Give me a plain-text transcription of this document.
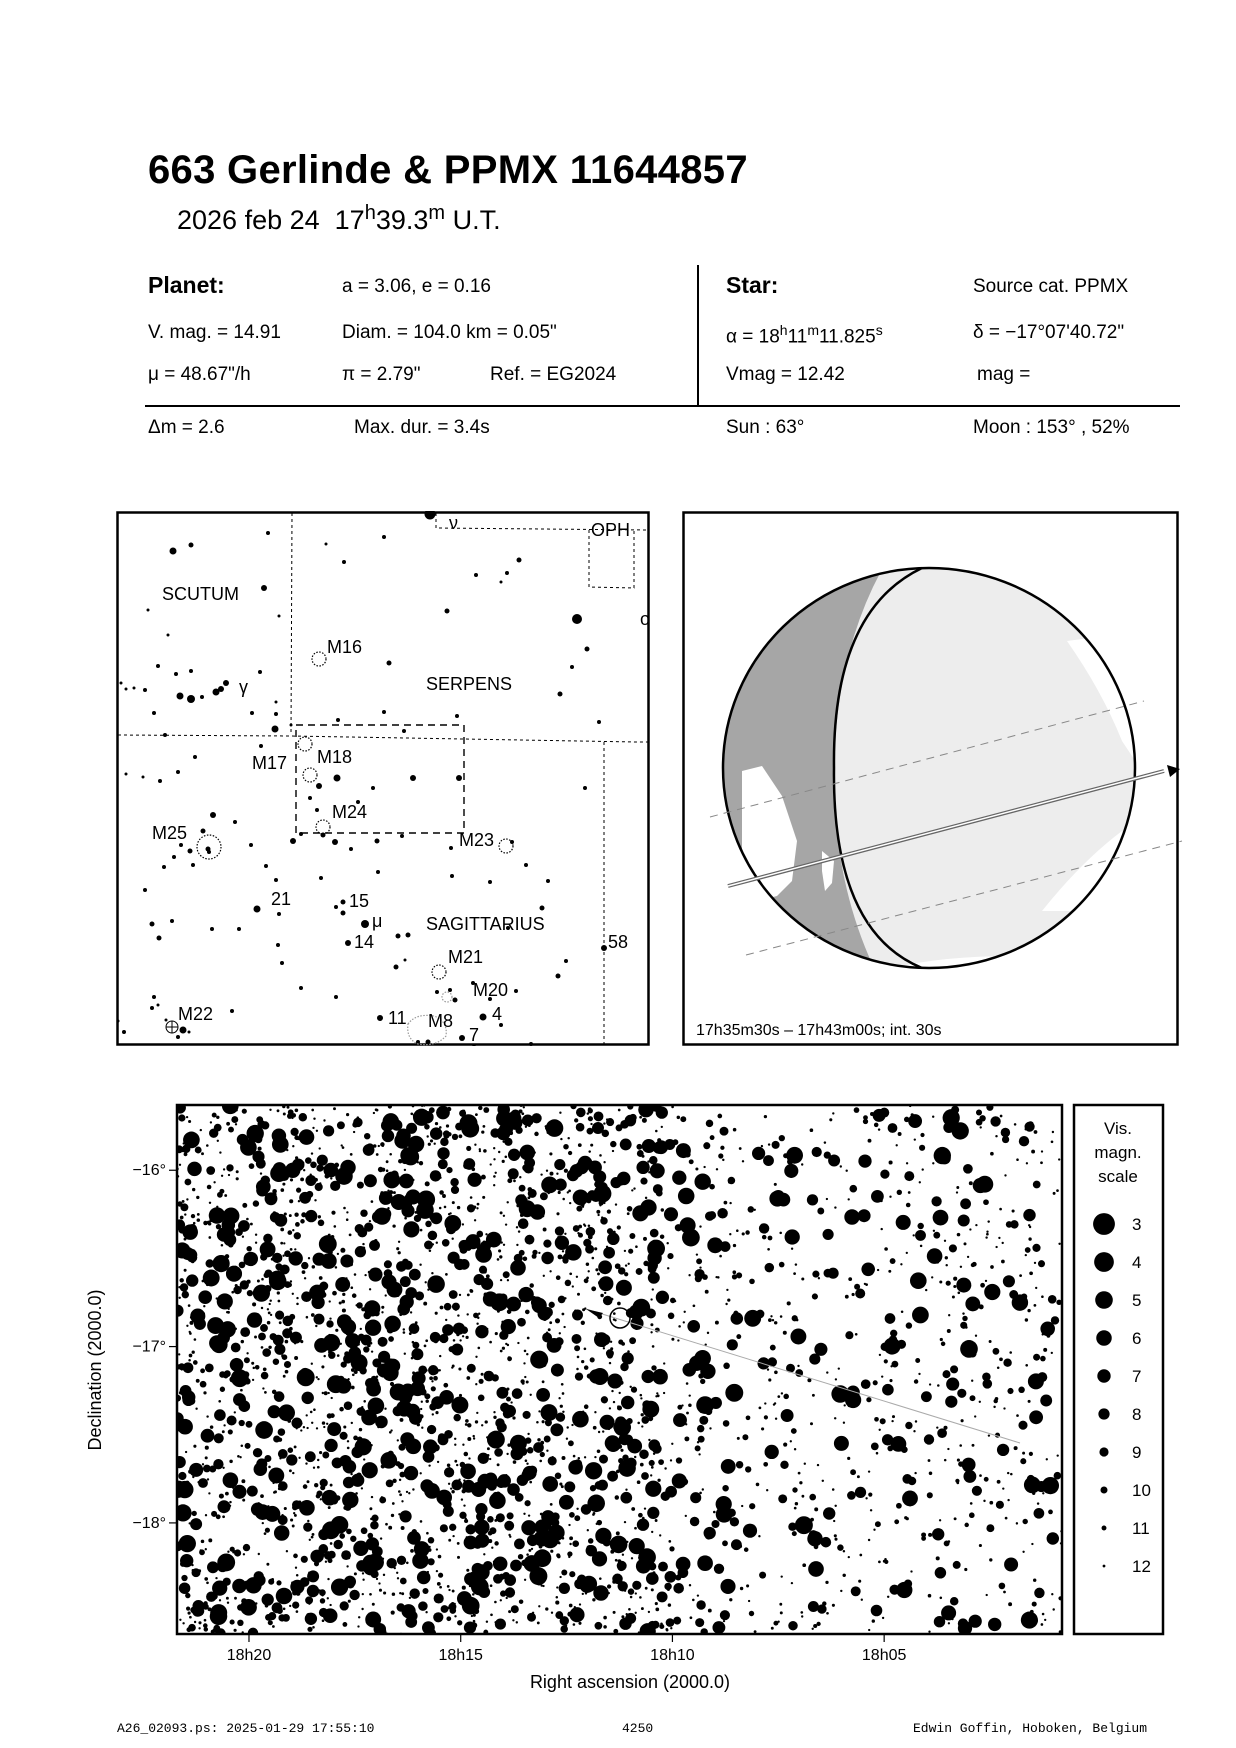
663 Gerlinde & PPMX 11644857
2026 feb 24 17$^h$39.3$^m$ U.T.
Planet:	a = 3.06, e = 0.16
V. mag. = 14.91	Diam. = 104.0 km = 0.05"
μ = 48.67"/h	π = 2.79"	Ref. = EG2024
Star:	Source cat. PPMX
$\alpha = 18^h11^m11.825^s$	δ = −17°07'40.72"
Vmag = 12.42	mag =
Δm = 2.6	Max. dur. = 3.4s	Sun : 63°	Moon : 153° , 52%
SCUTUM
SERPENS
SAGITTARIUS
OPH
M16
M17 M18
M24
M25	M23
M21
M20
M22	M8
γ
ν
o
21	15
μ
14	58
11	4
7	17h35m30s – 17h43m00s; int. 30s
18h20	18h15	18h10	18h05
−16°
−17°
−18°
Right ascension (2000.0)
Declination (2000.0)
Vis.
magn.
scale
3
4
5
6
7
8
9
10
11
12
A26_02093.ps: 2025-01-29 17:55:10	4250	Edwin Goffin, Hoboken, Belgium
